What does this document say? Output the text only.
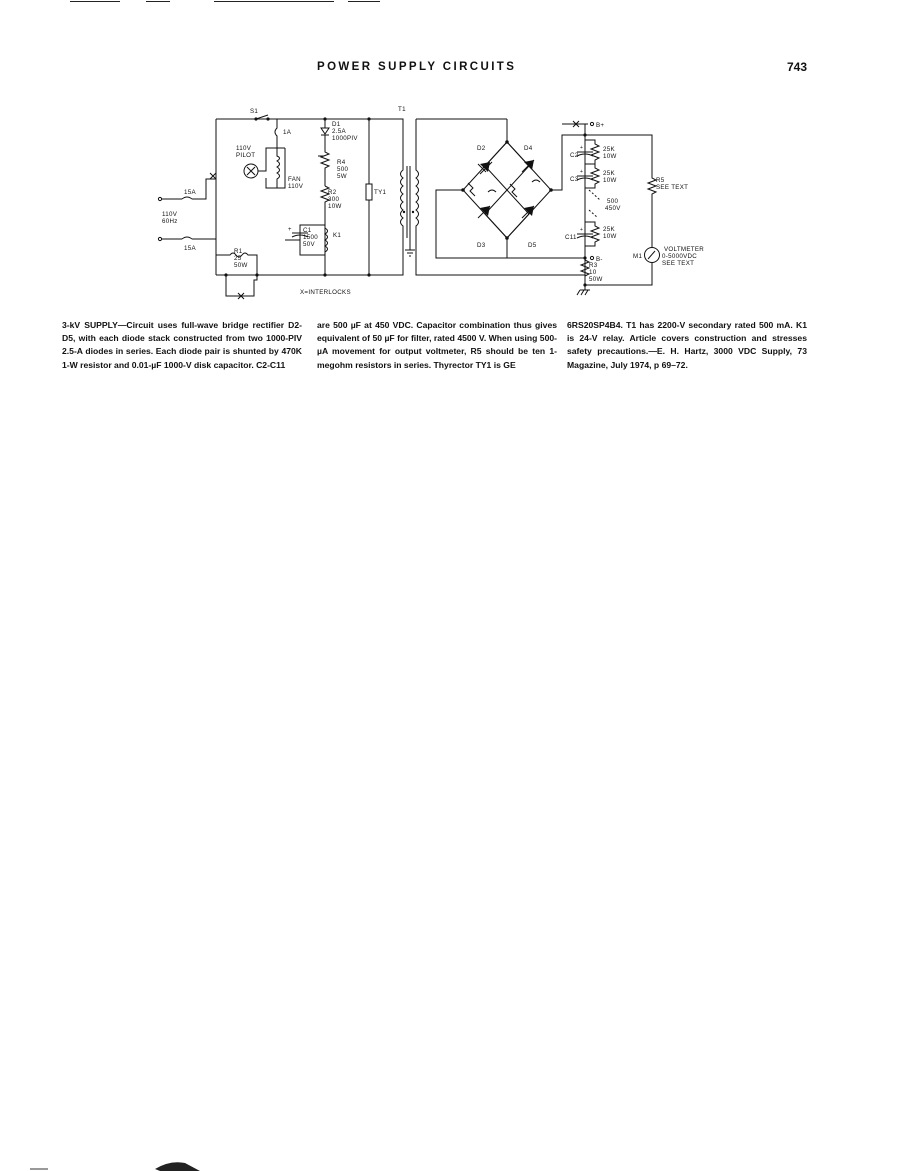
POWER SUPPLY CIRCUITS	743
S1
15A
110V
60Hz
15A
1A
110V
PILOT
FAN
110V
R1
25
50W
X=INTERLOCKS
+ C1
1500
50V
K1
D1
2.5A
1000PIV
R4
500
5W
R2
300
10W
TY1
T1
D2	D4
D3	D5
B+
C2
+	25K
10W
C3
+	25K
10W
500
450V
C11
+	25K
10W
R5
SEE TEXT
M1
VOLTMETER
0-5000VDC
SEE TEXT
B-
R3
10
50W

3-kV SUPPLY—Circuit uses full-wave bridge rectifier D2-D5, with each diode stack constructed from two 1000-PIV 2.5-A diodes in series. Each diode pair is shunted by 470K 1-W resistor and 0.01-µF 1000-V disk capacitor. C2-C11

are 500 µF at 450 VDC. Capacitor combination thus gives equivalent of 50 µF for filter, rated 4500 V. When using 500-µA movement for output voltmeter, R5 should be ten 1-megohm resistors in series. Thyrector TY1 is GE

6RS20SP4B4. T1 has 2200-V secondary rated 500 mA. K1 is 24-V relay. Article covers construction and stresses safety precautions.—E. H. Hartz, 3000 VDC Supply, 73 Magazine, July 1974, p 69–72.
